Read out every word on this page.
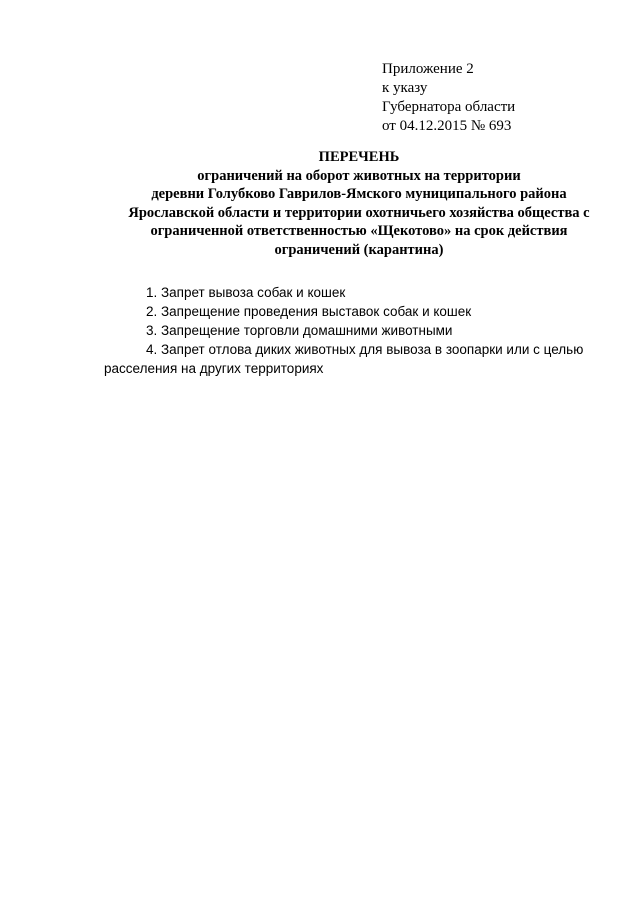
Приложение 2
к указу
Губернатора области
от 04.12.2015 № 693
ПЕРЕЧЕНЬ
ограничений на оборот животных на территории
деревни Голубково Гаврилов-Ямского муниципального района
Ярославской области и территории охотничьего хозяйства общества с
ограниченной ответственностью «Щекотово» на срок действия
ограничений (карантина)
1. Запрет вывоза собак и кошек
2. Запрещение проведения выставок собак и кошек
3. Запрещение торговли домашними животными
4. Запрет отлова диких животных для вывоза в зоопарки или с целью расселения на других территориях
